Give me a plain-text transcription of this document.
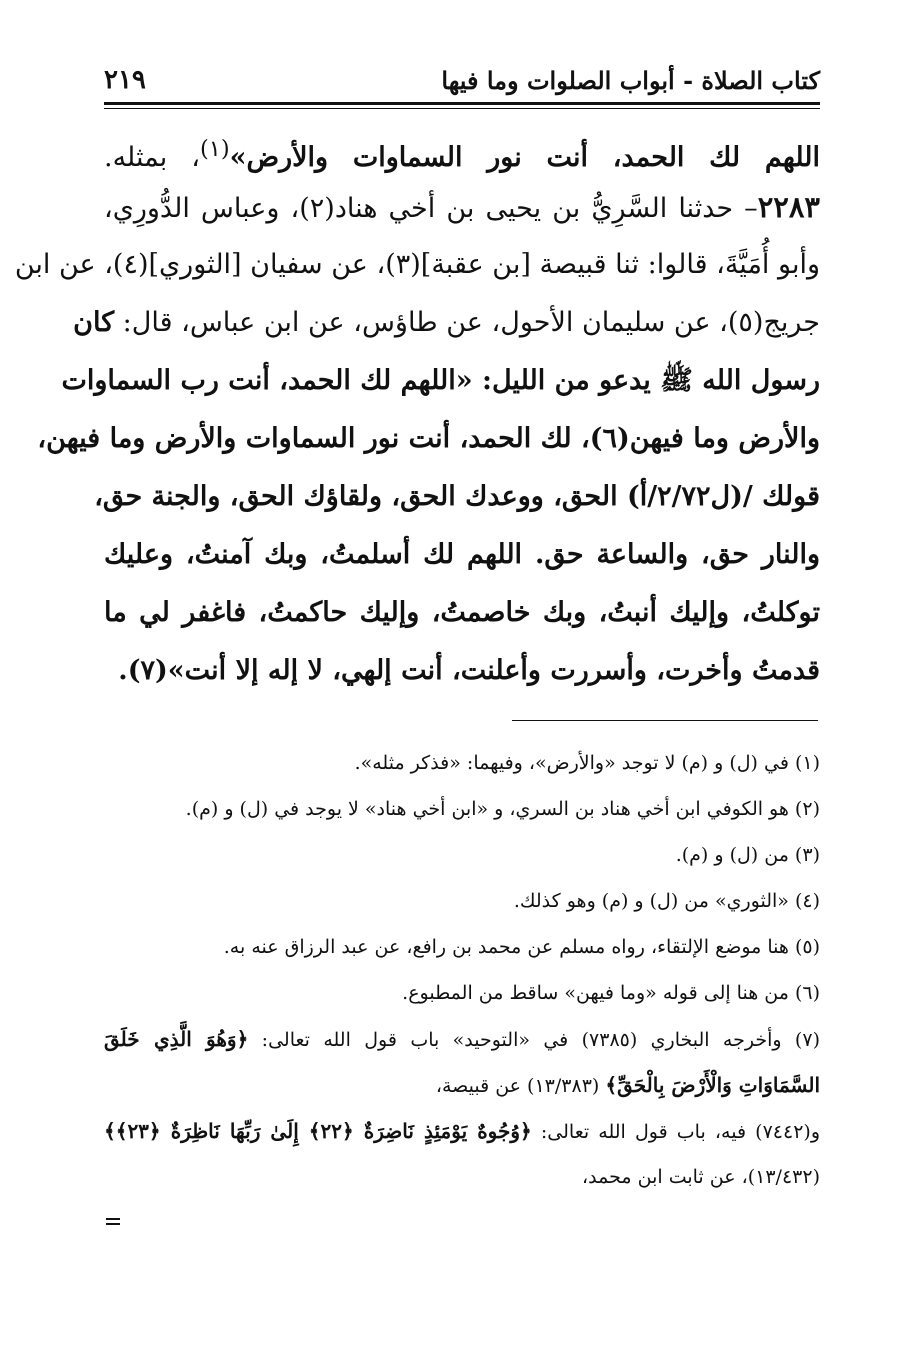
كتاب الصلاة - أبواب الصلوات وما فيها
٢١٩
اللهم لك الحمد، أنت نور السماوات والأرض»$^{(١)}$، بمثله.
٢٢٨٣– حدثنا السَّرِيُّ بن يحيى بن أخي هناد(٢)، وعباس الدُّورِي،
وأبو أُمَيَّةَ، قالوا: ثنا قبيصة [بن عقبة](٣)، عن سفيان [الثوري](٤)، عن ابن
جريج(٥)، عن سليمان الأحول، عن طاؤس، عن ابن عباس، قال: كان
رسول الله ﷺ يدعو من الليل: «اللهم لك الحمد، أنت رب السماوات
والأرض وما فيهن(٦)، لك الحمد، أنت نور السماوات والأرض وما فيهن،
قولك /(ل٢/٧٢/أ) الحق، ووعدك الحق، ولقاؤك الحق، والجنة حق،
والنار حق، والساعة حق. اللهم لك أسلمتُ، وبك آمنتُ، وعليك
توكلتُ، وإليك أنبتُ، وبك خاصمتُ، وإليك حاكمتُ، فاغفر لي ما
قدمتُ وأخرت، وأسررت وأعلنت، أنت إلهي، لا إله إلا أنت»(٧).
(١) في (ل) و (م) لا توجد «والأرض»، وفيهما: «فذكر مثله».
(٢) هو الكوفي ابن أخي هناد بن السري، و «ابن أخي هناد» لا يوجد في (ل) و (م).
(٣) من (ل) و (م).
(٤) «الثوري» من (ل) و (م) وهو كذلك.
(٥) هنا موضع الإلتقاء، رواه مسلم عن محمد بن رافع، عن عبد الرزاق عنه به.
(٦) من هنا إلى قوله «وما فيهن» ساقط من المطبوع.
(٧) وأخرجه البخاري (٧٣٨٥) في «التوحيد» باب قول الله تعالى: ﴿وَهُوَ الَّذِي خَلَقَ
السَّمَاوَاتِ وَالْأَرْضَ بِالْحَقِّ﴾ (١٣/٣٨٣) عن قبيصة،
و(٧٤٤٢) فيه، باب قول الله تعالى: ﴿وُجُوهٌ يَوْمَئِذٍ نَاضِرَةٌ ﴿٢٢﴾ إِلَىٰ رَبِّهَا نَاظِرَةٌ ﴿٢٣﴾﴾
(١٣/٤٣٢)، عن ثابت ابن محمد،
